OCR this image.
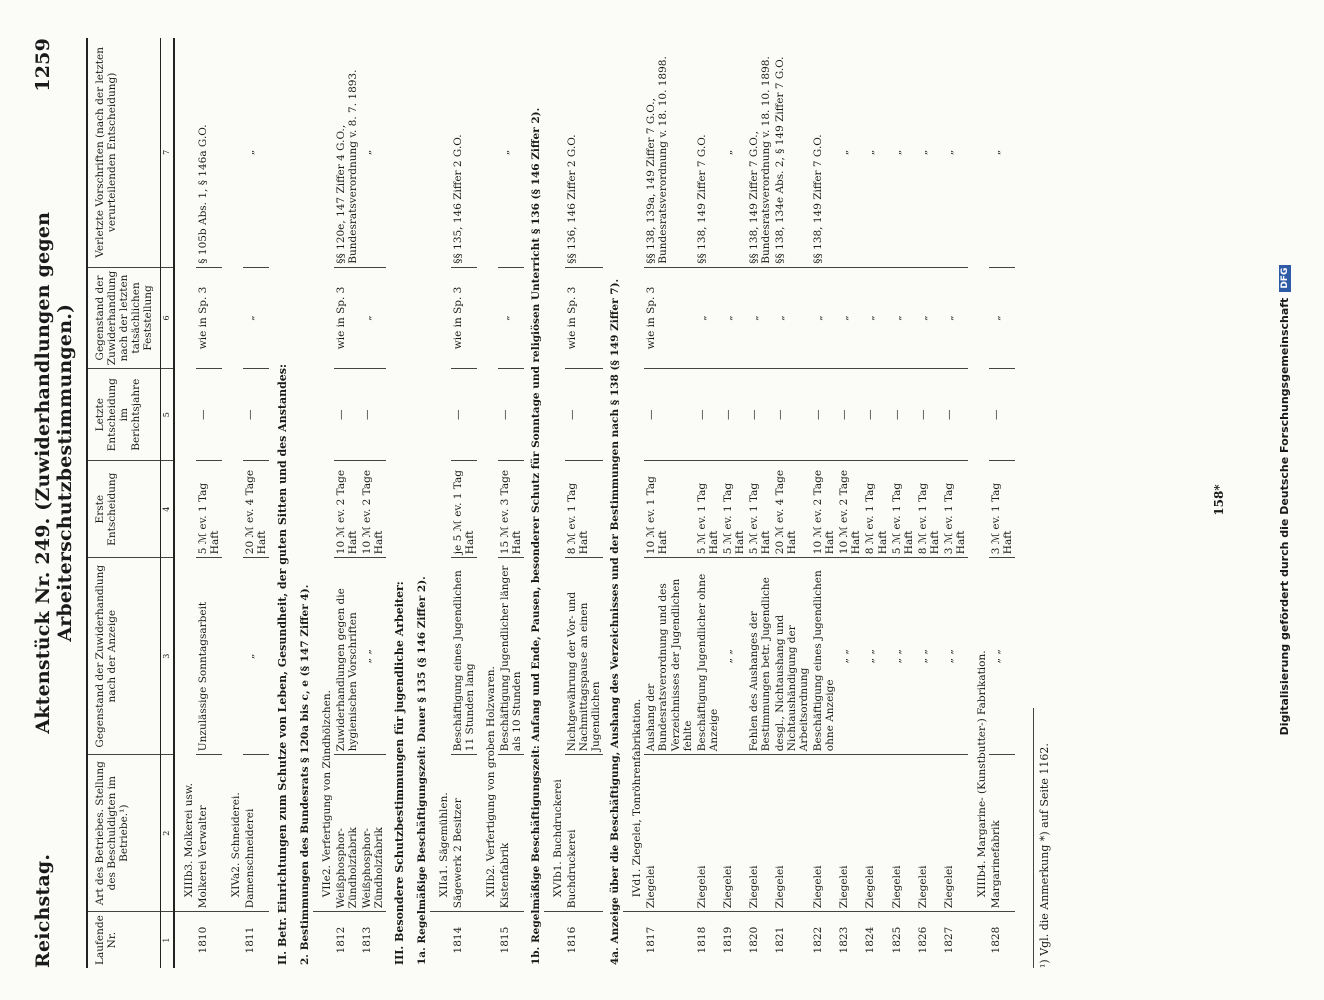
Reichstag.
Aktenstück Nr. 249. (Zuwiderhandlungen gegen Arbeiterschutzbestimmungen.)
1259
Laufende Nr.	Art des Betriebes. Stellung des Beschuldigten im Betriebe.¹)	Gegenstand der Zuwiderhandlung nach der Anzeige	Erste Entscheidung	Letzte Entscheidung im Berichtsjahre	Gegenstand der Zuwiderhandlung nach der letzten tatsächlichen Feststellung	Verletzte Vorschriften (nach der letzten verurteilenden Entscheidung)
1	2	3	4	5	6	7
	XIIIb3. Molkerei usw.					
1810	Molkerei Verwalter	Unzulässige Sonntagsarbeit	5 ℳ ev. 1 Tag Haft	—	wie in Sp. 3	§ 105b Abs. 1, § 146a G.O.
	XIVa2. Schneiderei.					
1811	Damenschneiderei	„	20 ℳ ev. 4 Tage Haft	—	„	„
II. Betr. Einrichtungen zum Schutze von Leben, Gesundheit, der guten Sitten und des Anstandes:						
2. Bestimmungen des Bundesrats § 120a bis c, e (§ 147 Ziffer 4).						
	VIIe2. Verfertigung von Zündhölzchen.					
1812	Weißphosphor-Zündholzfabrik	Zuwiderhandlungen gegen die hygienischen Vorschriften	10 ℳ ev. 2 Tage Haft	—	wie in Sp. 3	§§ 120e, 147 Ziffer 4 G.O., Bundesratsverordnung v. 8. 7. 1893.
1813	Weißphosphor-Zündholzfabrik	„ „	10 ℳ ev. 2 Tage Haft	—	„	„
III. Besondere Schutzbestimmungen für jugendliche Arbeiter:						
1a. Regelmäßige Beschäftigungszeit: Dauer § 135 (§ 146 Ziffer 2).						
	XIIa1. Sägemühlen.					
1814	Sägewerk 2 Besitzer	Beschäftigung eines Jugendlichen 11 Stunden lang	je 5 ℳ ev. 1 Tag Haft	—	wie in Sp. 3	§§ 135, 146 Ziffer 2 G.O.
	XIIb2. Verfertigung von groben Holzwaren.					
1815	Kistenfabrik	Beschäftigung Jugendlicher länger als 10 Stunden	15 ℳ ev. 3 Tage Haft	—	„	„
1b. Regelmäßige Beschäftigungszeit: Anfang und Ende, Pausen, besonderer Schutz für Sonntage und religiösen Unterricht § 136 (§ 146 Ziffer 2).						
	XVIb1. Buchdruckerei					
1816	Buchdruckerei	Nichtgewährung der Vor- und Nachmittagspause an einen Jugendlichen	8 ℳ ev. 1 Tag Haft	—	wie in Sp. 3	§§ 136, 146 Ziffer 2 G.O.
4a. Anzeige über die Beschäftigung, Aushang des Verzeichnisses und der Bestimmungen nach § 138 (§ 149 Ziffer 7).						
	IVd1. Ziegelei, Tonröhrenfabrikation.					
1817	Ziegelei	Aushang der Bundesratsverordnung und des Verzeichnisses der Jugendlichen fehlte	10 ℳ ev. 1 Tag Haft	—	wie in Sp. 3	§§ 138, 139a, 149 Ziffer 7 G.O., Bundesratsverordnung v. 18. 10. 1898.
1818	Ziegelei	Beschäftigung Jugendlicher ohne Anzeige	5 ℳ ev. 1 Tag Haft	—	„	§§ 138, 149 Ziffer 7 G.O.
1819	Ziegelei	„ „	5 ℳ ev. 1 Tag Haft	—	„	„
1820	Ziegelei	Fehlen des Aushanges der Bestimmungen betr. Jugendliche	5 ℳ ev. 1 Tag Haft	—	„	§§ 138, 149 Ziffer 7 G.O., Bundesratsverordnung v. 18. 10. 1898.
1821	Ziegelei	desgl., Nichtaushang und Nichtaushändigung der Arbeitsordnung	20 ℳ ev. 4 Tage Haft	—	„	§§ 138, 134e Abs. 2, § 149 Ziffer 7 G.O.
1822	Ziegelei	Beschäftigung eines Jugendlichen ohne Anzeige	10 ℳ ev. 2 Tage Haft	—	„	§§ 138, 149 Ziffer 7 G.O.
1823	Ziegelei	„ „	10 ℳ ev. 2 Tage Haft	—	„	„
1824	Ziegelei	„ „	8 ℳ ev. 1 Tag Haft	—	„	„
1825	Ziegelei	„ „	5 ℳ ev. 1 Tag Haft	—	„	„
1826	Ziegelei	„ „	8 ℳ ev. 1 Tag Haft	—	„	„
1827	Ziegelei	„ „	3 ℳ ev. 1 Tag Haft	—	„	„
	XIIIb4. Margarine- (Kunstbutter-) Fabrikation.					
1828	Margarinefabrik	„ „	3 ℳ ev. 1 Tag Haft	—	„	„
¹) Vgl. die Anmerkung *) auf Seite 1162.
158*	Digitalisierung gefördert durch die Deutsche Forschungsgemeinschaft
DFG
